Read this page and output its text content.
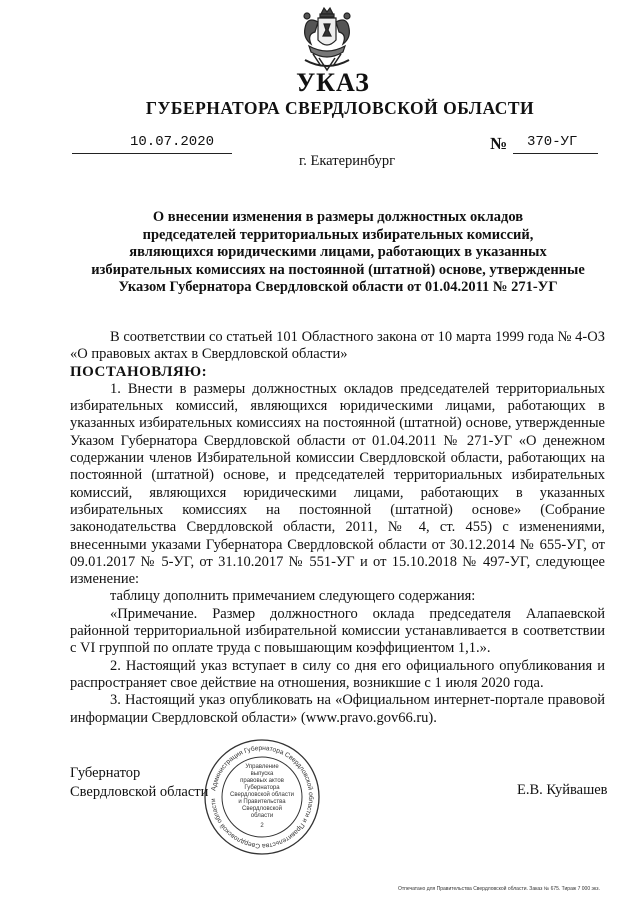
УКАЗ
ГУБЕРНАТОРА СВЕРДЛОВСКОЙ ОБЛАСТИ
10.07.2020	№ 370-УГ
г. Екатеринбург
О внесении изменения в размеры должностных окладов
председателей территориальных избирательных комиссий,
являющихся юридическими лицами, работающих в указанных
избирательных комиссиях на постоянной (штатной) основе, утвержденные
Указом Губернатора Свердловской области от 01.04.2011 № 271-УГ

В соответствии со статьей 101 Областного закона от 10 марта 1999 года № 4-ОЗ «О правовых актах в Свердловской области»

ПОСТАНОВЛЯЮ:

1. Внести в размеры должностных окладов председателей территориальных избирательных комиссий, являющихся юридическими лицами, работающих в указанных избирательных комиссиях на постоянной (штатной) основе, утвержденные Указом Губернатора Свердловской области от 01.04.2011 № 271-УГ «О денежном содержании членов Избирательной комиссии Свердловской области, работающих на постоянной (штатной) основе, и председателей территориальных избирательных комиссий, являющихся юридическими лицами, работающих в указанных избирательных комиссиях на постоянной (штатной) основе» (Собрание законодательства Свердловской области, 2011, № 4, ст. 455) с изменениями, внесенными указами Губернатора Свердловской области от 30.12.2014 № 655-УГ, от 09.01.2017 № 5-УГ, от 31.10.2017 № 551-УГ и от 15.10.2018 № 497-УГ, следующее изменение:

таблицу дополнить примечанием следующего содержания:

«Примечание. Размер должностного оклада председателя Алапаевской районной территориальной избирательной комиссии устанавливается в соответствии с VI группой по оплате труда с повышающим коэффициентом 1,1.».

2. Настоящий указ вступает в силу со дня его официального опубликования и распространяет свое действие на отношения, возникшие с 1 июля 2020 года.

3. Настоящий указ опубликовать на «Официальном интернет-портале правовой информации Свердловской области» (www.pravo.gov66.ru).

Губернатор
Свердловской области	Е.В. Куйвашев
Администрация Губернатора Свердловской области и Правительства Свердловской области
Управление
выпуска
правовых актов
Губернатора
Свердловской области
и Правительства
Свердловской
области
2
Отпечатано для Правительства Свердловской области. Заказ № 675. Тираж 7 000 экз.
